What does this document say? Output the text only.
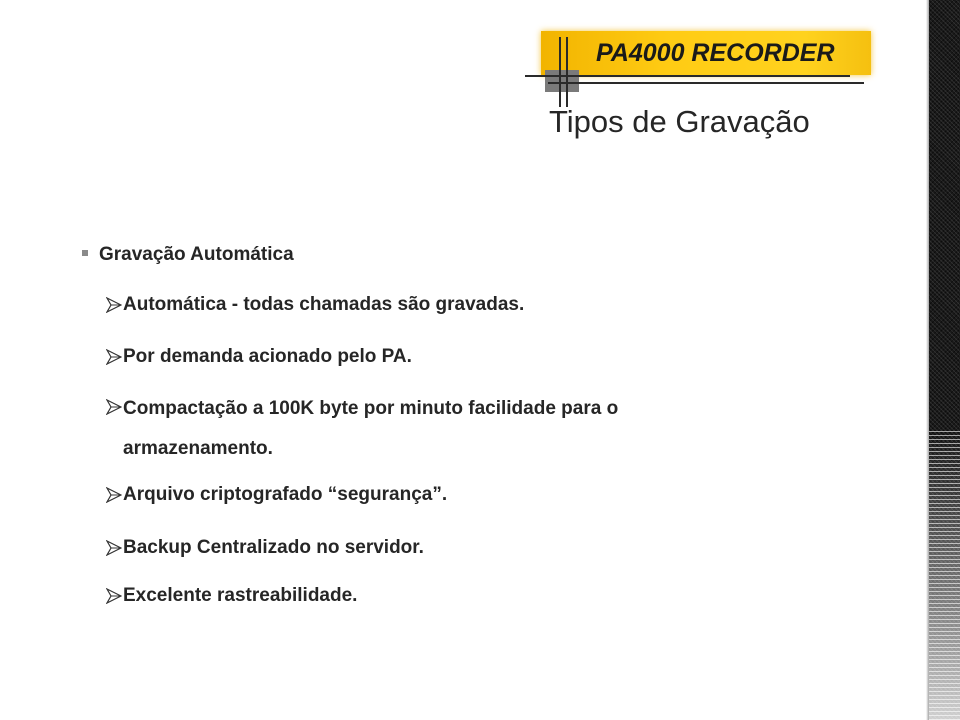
PA4000 RECORDER
Tipos de Gravação
Gravação Automática
Automática - todas chamadas são gravadas.
Por demanda acionado pelo PA.
Compactação a 100K byte por minuto facilidade para o armazenamento.
Arquivo criptografado “segurança”.
Backup Centralizado no servidor.
Excelente rastreabilidade.
